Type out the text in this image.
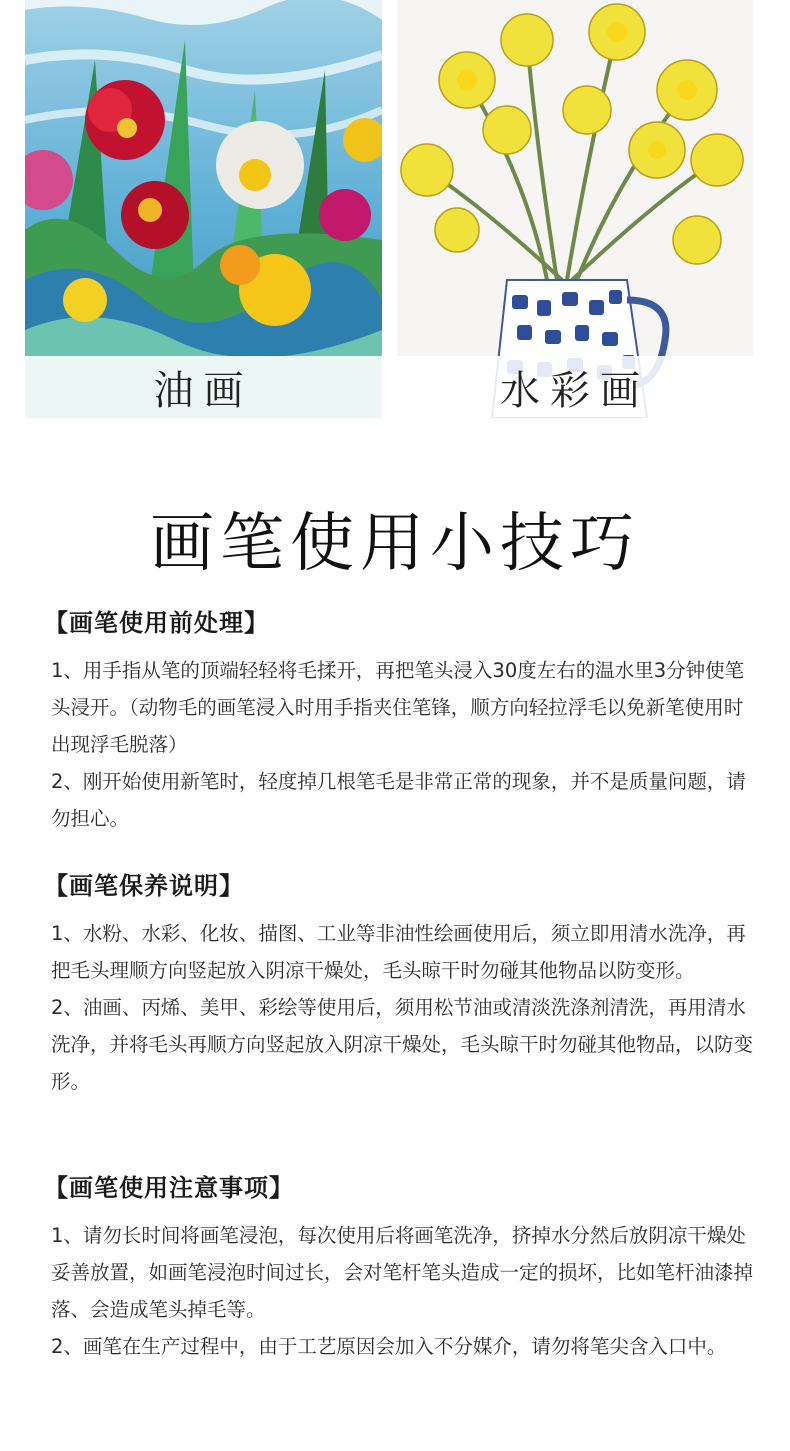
油画	水彩画
画笔使用小技巧
【画笔使用前处理】

1、用手指从笔的顶端轻轻将毛揉开，再把笔头浸入30度左右的温水里3分钟使笔头浸开。（动物毛的画笔浸入时用手指夹住笔锋，顺方向轻拉浮毛以免新笔使用时出现浮毛脱落）

2、刚开始使用新笔时，轻度掉几根笔毛是非常正常的现象，并不是质量问题，请勿担心。

【画笔保养说明】

1、水粉、水彩、化妆、描图、工业等非油性绘画使用后，须立即用清水洗净，再把毛头理顺方向竖起放入阴凉干燥处，毛头晾干时勿碰其他物品以防变形。

2、油画、丙烯、美甲、彩绘等使用后，须用松节油或清淡洗涤剂清洗，再用清水洗净，并将毛头再顺方向竖起放入阴凉干燥处，毛头晾干时勿碰其他物品，以防变形。

【画笔使用注意事项】

1、请勿长时间将画笔浸泡，每次使用后将画笔洗净，挤掉水分然后放阴凉干燥处妥善放置，如画笔浸泡时间过长，会对笔杆笔头造成一定的损坏，比如笔杆油漆掉落、会造成笔头掉毛等。

2、画笔在生产过程中，由于工艺原因会加入不分媒介，请勿将笔尖含入口中。
